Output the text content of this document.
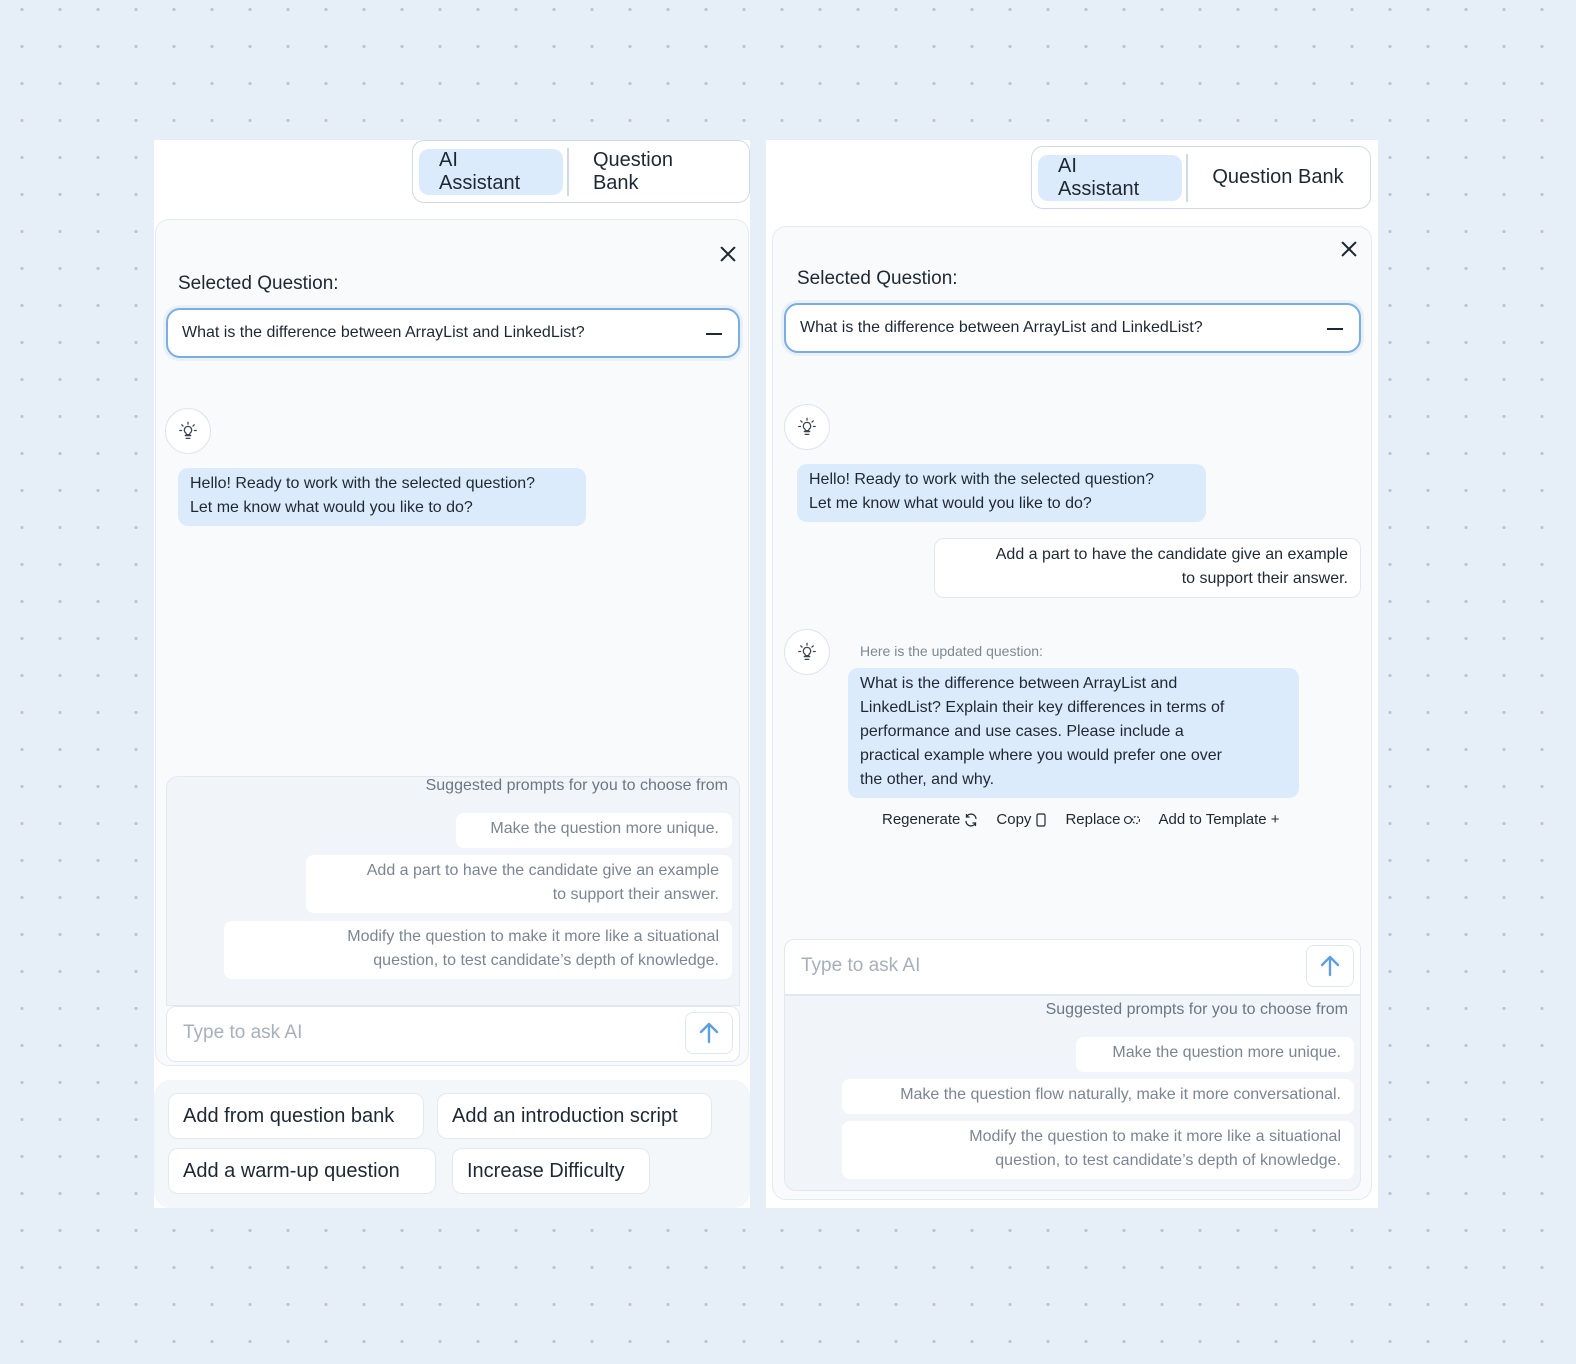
AI Assistant
Question Bank
Selected Question:
What is the difference between ArrayList and LinkedList?
Hello! Ready to work with the selected question?
Let me know what would you like to do?
Suggested prompts for you to choose from
Make the question more unique.
Add a part to have the candidate give an example
to support their answer.
Modify the question to make it more like a situational
question, to test candidate’s depth of knowledge.
Type to ask AI
Add from question bank	Add an introduction script
Add a warm-up question	Increase Difficulty
AI Assistant
Question Bank
Selected Question:
What is the difference between ArrayList and LinkedList?
Hello! Ready to work with the selected question?
Let me know what would you like to do?
Add a part to have the candidate give an example
to support their answer.
Here is the updated question:
What is the difference between ArrayList and
LinkedList? Explain their key differences in terms of
performance and use cases. Please include a
practical example where you would prefer one over
the other, and why.
Regenerate Copy Replace	Add to Template +
Type to ask AI
Suggested prompts for you to choose from
Make the question more unique.
Make the question flow naturally, make it more conversational.
Modify the question to make it more like a situational
question, to test candidate’s depth of knowledge.
